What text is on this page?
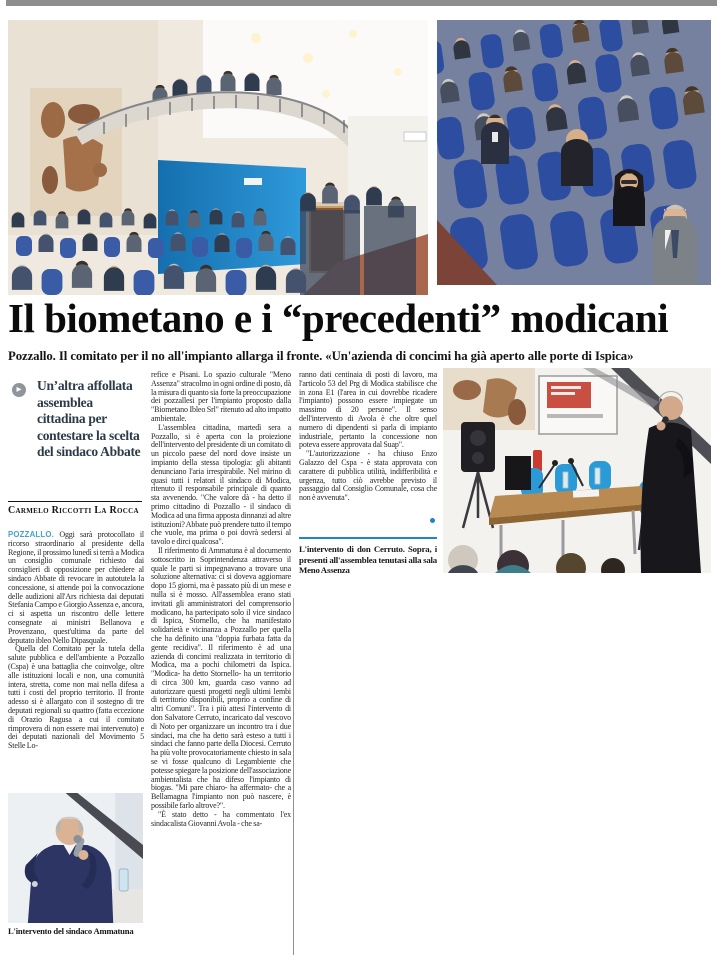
Il biometano e i “precedenti” modicani

Pozzallo. Il comitato per il no all'impianto allarga il fronte. «Un'azienda di concimi ha già aperto alle porte di Ispica»

▸
Un’altra affollata assemblea cittadina per contestare la scelta del sindaco Abbate
Carmelo Riccotti La Rocca

POZZALLO. Oggi sarà protocollato il ricorso straordinario al presidente della Regione, il prossimo lunedì si terrà a Modica un consiglio comunale richiesto dai consiglieri di opposizione per chiedere al sindaco Abbate di revocare in autotutela la concessione, si attende poi la convocazione delle audizioni all'Ars richiesta dai deputati Stefania Campo e Giorgio Assenza e, ancora, ci si aspetta un riscontro delle lettere consegnate ai ministri Bellanova e Provenzano, quest'ultima da parte del deputato ibleo Nello Dipasquale.

Quella del Comitato per la tutela della salute pubblica e dell'ambiente a Pozzallo (Cspa) è una battaglia che coinvolge, oltre alle istituzioni locali e non, una comunità intera, stretta, come non mai nella difesa a tutti i costi del proprio territorio. Il fronte adesso si è allargato con il sostegno di tre deputati regionali su quattro (fatta eccezione di Orazio Ragusa a cui il comitato rimprovera di non essere mai intervenuto) e dei deputati nazionali del Movimento 5 Stelle Lo-

refice e Pisani. Lo spazio culturale "Meno Assenza" stracolmo in ogni ordine di posto, dà la misura di quanto sia forte la preoccupazione dei pozzallesi per l'impianto proposto dalla "Biometano Ibleo Srl" ritenuto ad alto impatto ambientale.

L'assemblea cittadina, martedì sera a Pozzallo, si è aperta con la proiezione dell'intervento del presidente di un comitato di un piccolo paese del nord dove insiste un impianto della stessa tipologia: gli abitanti denunciano l'aria irrespirabile. Nel mirino di quasi tutti i relatori il sindaco di Modica, ritenuto il responsabile principale di quanto sta avvenendo. "Che valore dà - ha detto il primo cittadino di Pozzallo - il sindaco di Modica ad una firma apposta dinnanzi ad altre istituzioni? Abbate può prendere tutto il tempo che vuole, ma prima o poi dovrà sedersi al tavolo e dirci qualcosa".

Il riferimento di Ammatuna è al documento sottoscritto in Soprintendenza attraverso il quale le parti si impegnavano a trovare una soluzione alternativa: ci si doveva aggiornare dopo 15 giorni, ma è passato più di un mese e nulla si è mosso. All'assemblea erano stati invitati gli amministratori del comprensorio modicano, ha partecipato solo il vice sindaco di Ispica, Stornello, che ha manifestato solidarietà e vicinanza a Pozzallo per quella che ha definito una "doppia furbata fatta da gente recidiva". Il riferimento è ad una azienda di concimi realizzata in territorio di Modica, ma a pochi chilometri da Ispica. "Modica- ha detto Stornello- ha un territorio di circa 300 km, guarda caso vanno ad autorizzare questi progetti negli ultimi lembi di territorio disponibili, proprio a confine di altri Comuni". Tra i più attesi l'intervento di don Salvatore Cerruto, incaricato dal vescovo di Noto per organizzare un incontro tra i due sindaci, ma che ha detto sarà esteso a tutti i sindaci che fanno parte della Diocesi. Cerruto ha più volte provocatoriamente chiesto in sala se vi fosse qualcuno di Legambiente che potesse spiegare la posizione dell'associazione ambientalista che ha difeso l'impianto di biogas. "Mi pare chiaro- ha affermato- che a Bellamagna l'impianto non può nascere, è possibile farlo altrove?".

"È stato detto - ha commentato l'ex sindacalista Giovanni Avola - che sa-

ranno dati centinaia di posti di lavoro, ma l'articolo 53 del Prg di Modica stabilisce che in zona E1 (l'area in cui dovrebbe ricadere l'impianto) possono essere impiegate un massimo di 20 persone". Il senso dell'intervento di Avola è che oltre quel numero di dipendenti si parla di impianto industriale, pertanto la concessione non poteva essere approvata dal Suap".

"L'autorizzazione - ha chiuso Enzo Galazzo del Cspa - è stata approvata con carattere di pubblica utilità, indifferibilità e urgenza, tutto ciò avrebbe previsto il passaggio dal Consiglio Comunale, cosa che non è avvenuta".

L'intervento di don Cerruto. Sopra, i presenti all'assemblea tenutasi alla sala Meno Assenza
L'intervento del sindaco Ammatuna
